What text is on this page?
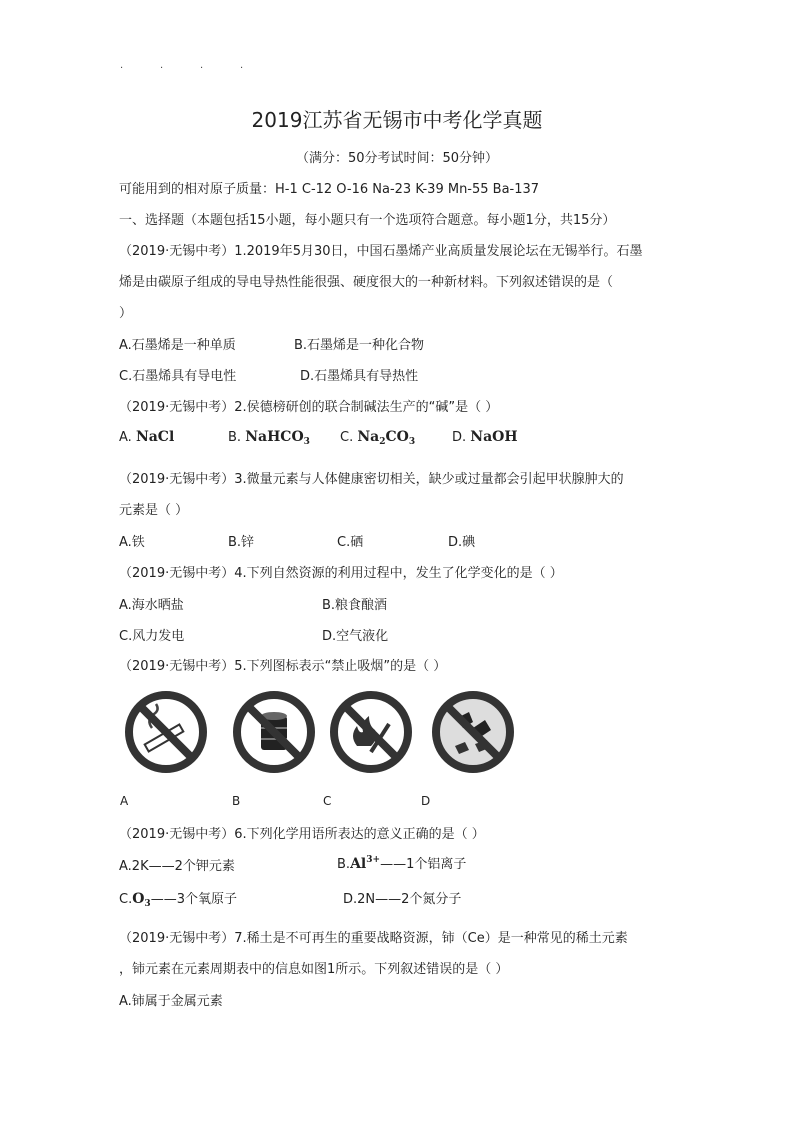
.	.	.	.
2019江苏省无锡市中考化学真题
（满分：50分考试时间：50分钟）
可能用到的相对原子质量：H-1 C-12 O-16 Na-23 K-39 Mn-55 Ba-137
一、选择题（本题包括15小题，每小题只有一个选项符合题意。每小题1分，共15分）
（2019·无锡中考）1.2019年5月30日，中国石墨烯产业高质量发展论坛在无锡举行。石墨
烯是由碳原子组成的导电导热性能很强、硬度很大的一种新材料。下列叙述错误的是（
）
A.石墨烯是一种单质	B.石墨烯是一种化合物
C.石墨烯具有导电性	D.石墨烯具有导热性
（2019·无锡中考）2.侯德榜研创的联合制碱法生产的“碱”是（ ）
A. NaCl	B. NaHCO$_3$ C. $Na_2CO_3$	D. NaOH
（2019·无锡中考）3.微量元素与人体健康密切相关，缺少或过量都会引起甲状腺肿大的
元素是（ ）
A.铁	B.锌	C.硒	D.碘
（2019·无锡中考）4.下列自然资源的利用过程中，发生了化学变化的是（ ）
A.海水晒盐	B.粮食酿酒
C.风力发电	D.空气液化
（2019·无锡中考）5.下列图标表示“禁止吸烟”的是（ ）
A	B	C	D
（2019·无锡中考）6.下列化学用语所表达的意义正确的是（ ）
A.2K——2个钾元素	$B.Al^{3+}——1$个铝离子
$C.O_3——3$个氧原子	D.2N——2个氮分子
（2019·无锡中考）7.稀土是不可再生的重要战略资源，铈（Ce）是一种常见的稀土元素
，铈元素在元素周期表中的信息如图1所示。下列叙述错误的是（ ）
A.铈属于金属元素
